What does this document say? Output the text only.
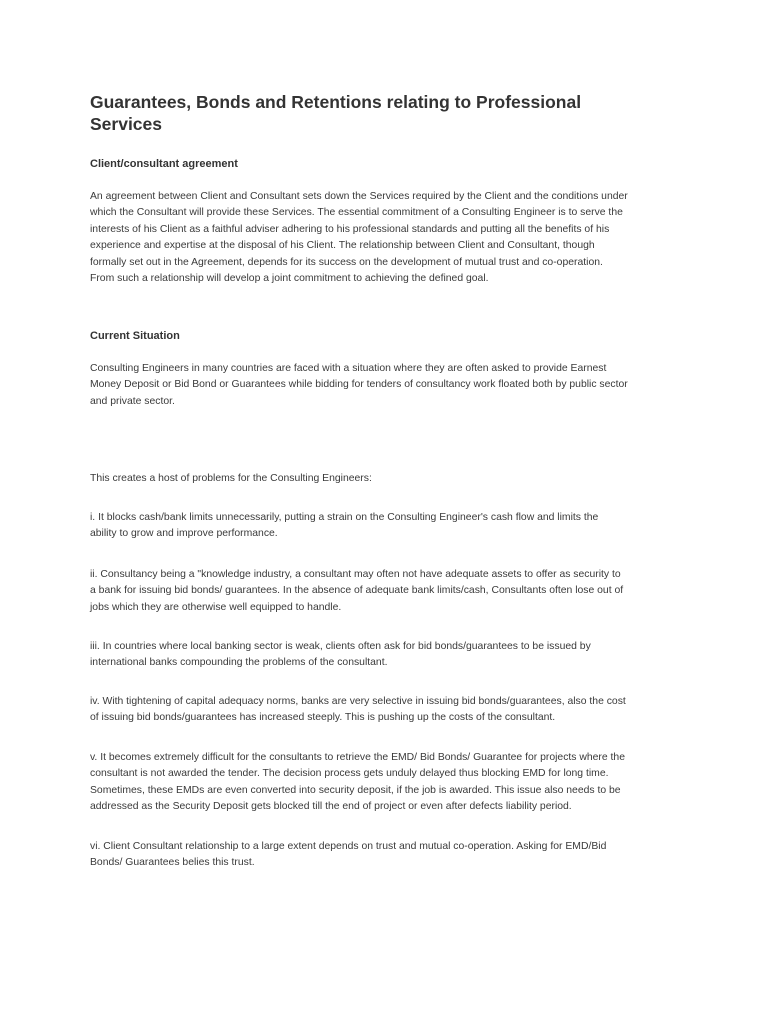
Guarantees, Bonds and Retentions relating to Professional
Services
Client/consultant agreement

An agreement between Client and Consultant sets down the Services required by the Client and the conditions under
which the Consultant will provide these Services. The essential commitment of a Consulting Engineer is to serve the
interests of his Client as a faithful adviser adhering to his professional standards and putting all the benefits of his
experience and expertise at the disposal of his Client. The relationship between Client and Consultant, though
formally set out in the Agreement, depends for its success on the development of mutual trust and co-operation.
From such a relationship will develop a joint commitment to achieving the defined goal.

Current Situation

Consulting Engineers in many countries are faced with a situation where they are often asked to provide Earnest
Money Deposit or Bid Bond or Guarantees while bidding for tenders of consultancy work floated both by public sector
and private sector.

This creates a host of problems for the Consulting Engineers:

i. It blocks cash/bank limits unnecessarily, putting a strain on the Consulting Engineer's cash flow and limits the
ability to grow and improve performance.

ii. Consultancy being a "knowledge industry, a consultant may often not have adequate assets to offer as security to
a bank for issuing bid bonds/ guarantees. In the absence of adequate bank limits/cash, Consultants often lose out of
jobs which they are otherwise well equipped to handle.

iii. In countries where local banking sector is weak, clients often ask for bid bonds/guarantees to be issued by
international banks compounding the problems of the consultant.

iv. With tightening of capital adequacy norms, banks are very selective in issuing bid bonds/guarantees, also the cost
of issuing bid bonds/guarantees has increased steeply. This is pushing up the costs of the consultant.

v. It becomes extremely difficult for the consultants to retrieve the EMD/ Bid Bonds/ Guarantee for projects where the
consultant is not awarded the tender. The decision process gets unduly delayed thus blocking EMD for long time.
Sometimes, these EMDs are even converted into security deposit, if the job is awarded. This issue also needs to be
addressed as the Security Deposit gets blocked till the end of project or even after defects liability period.

vi. Client Consultant relationship to a large extent depends on trust and mutual co-operation. Asking for EMD/Bid
Bonds/ Guarantees belies this trust.
